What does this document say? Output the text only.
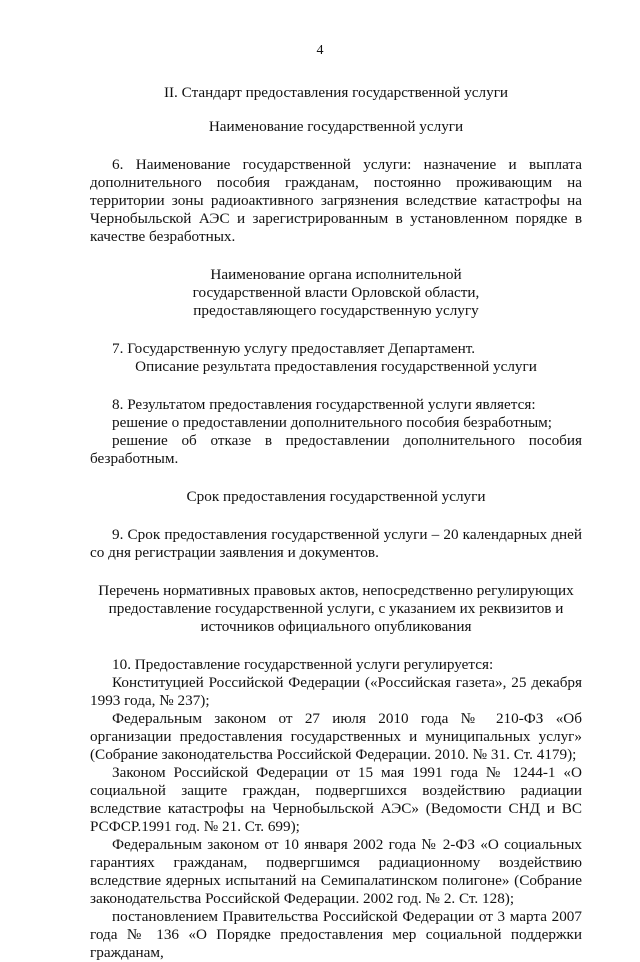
4

II. Стандарт предоставления государственной услуги

Наименование государственной услуги

6. Наименование государственной услуги: назначение и выплата дополнительного пособия гражданам, постоянно проживающим на территории зоны радиоактивного загрязнения вследствие катастрофы на Чернобыльской АЭС и зарегистрированным в установленном порядке в качестве безработных.

Наименование органа исполнительной

государственной власти Орловской области,

предоставляющего государственную услугу

7. Государственную услугу предоставляет Департамент.

Описание результата предоставления государственной услуги

8. Результатом предоставления государственной услуги является:

решение о предоставлении дополнительного пособия безработным;

решение об отказе в предоставлении дополнительного пособия безработным.

Срок предоставления государственной услуги

9. Срок предоставления государственной услуги – 20 календарных дней со дня регистрации заявления и документов.

Перечень нормативных правовых актов, непосредственно регулирующих

предоставление государственной услуги, с указанием их реквизитов и

источников официального опубликования

10. Предоставление государственной услуги регулируется:

Конституцией Российской Федерации («Российская газета», 25 декабря 1993 года, № 237);

Федеральным законом от 27 июля 2010 года № 210-ФЗ «Об организации предоставления государственных и муниципальных услуг» (Собрание законодательства Российской Федерации. 2010. № 31. Ст. 4179);

Законом Российской Федерации от 15 мая 1991 года № 1244-1 «О социальной защите граждан, подвергшихся воздействию радиации вследствие катастрофы на Чернобыльской АЭС» (Ведомости СНД и ВС РСФСР.1991 год. № 21. Ст. 699);

Федеральным законом от 10 января 2002 года № 2-ФЗ «О социальных гарантиях гражданам, подвергшимся радиационному воздействию вследствие ядерных испытаний на Семипалатинском полигоне» (Собрание законодательства Российской Федерации. 2002 год. № 2. Ст. 128);

постановлением Правительства Российской Федерации от 3 марта 2007 года № 136 «О Порядке предоставления мер социальной поддержки гражданам,
